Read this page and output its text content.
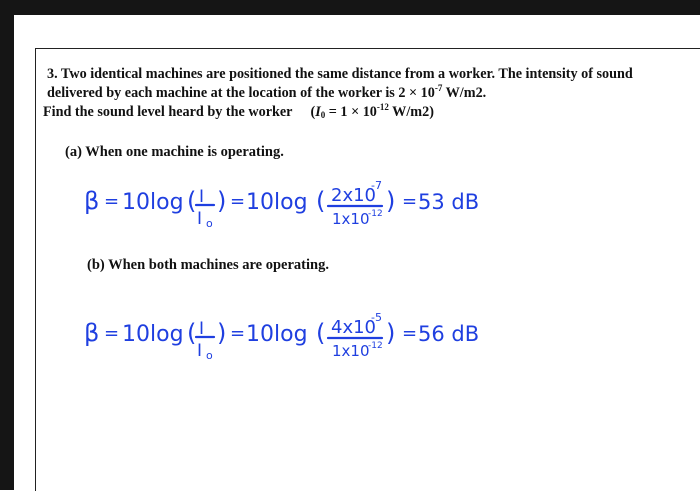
3. Two identical machines are positioned the same distance from a worker. The intensity of sound
delivered by each machine at the location of the worker is $2 \times 10^{-7}$ W/m2.
Find the sound level heard by the worker ($I_0 = 1 \times 10^{-12}$ W/m2)
(a) When one machine is operating.
(b) When both machines are operating.
β = 10 log ( I
I o
) = 10 log ( 2x10
-7
1x10
-12 ) = 53 dB
β = 10 log ( I
I o
) = 10 log ( 4x10
-5
1x10
-12 ) = 56 dB
